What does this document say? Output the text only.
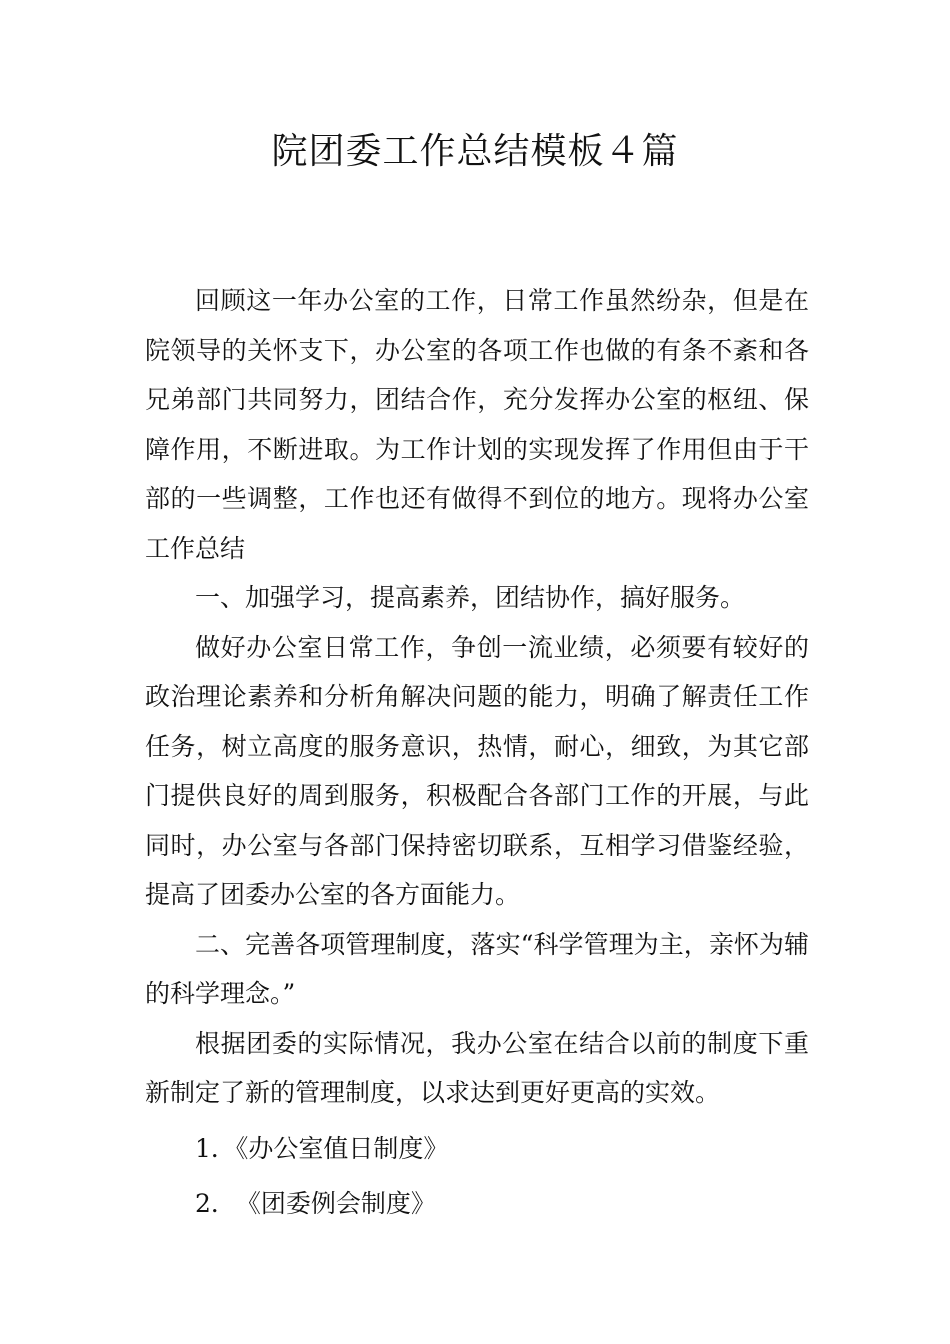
院团委工作总结模板４篇

回顾这一年办公室的工作，日常工作虽然纷杂，但是在院领导的关怀支下，办公室的各项工作也做的有条不紊和各兄弟部门共同努力，团结合作，充分发挥办公室的枢纽、保障作用，不断进取。为工作计划的实现发挥了作用但由于干部的一些调整，工作也还有做得不到位的地方。现将办公室工作总结

一、加强学习，提高素养，团结协作，搞好服务。

做好办公室日常工作，争创一流业绩，必须要有较好的政治理论素养和分析角解决问题的能力，明确了解责任工作任务，树立高度的服务意识，热情，耐心，细致，为其它部门提供良好的周到服务，积极配合各部门工作的开展，与此同时，办公室与各部门保持密切联系，互相学习借鉴经验，提高了团委办公室的各方面能力。

二、完善各项管理制度，落实“科学管理为主，亲怀为辅的科学理念。”

根据团委的实际情况，我办公室在结合以前的制度下重新制定了新的管理制度，以求达到更好更高的实效。

1．《办公室值日制度》

2．　《团委例会制度》
